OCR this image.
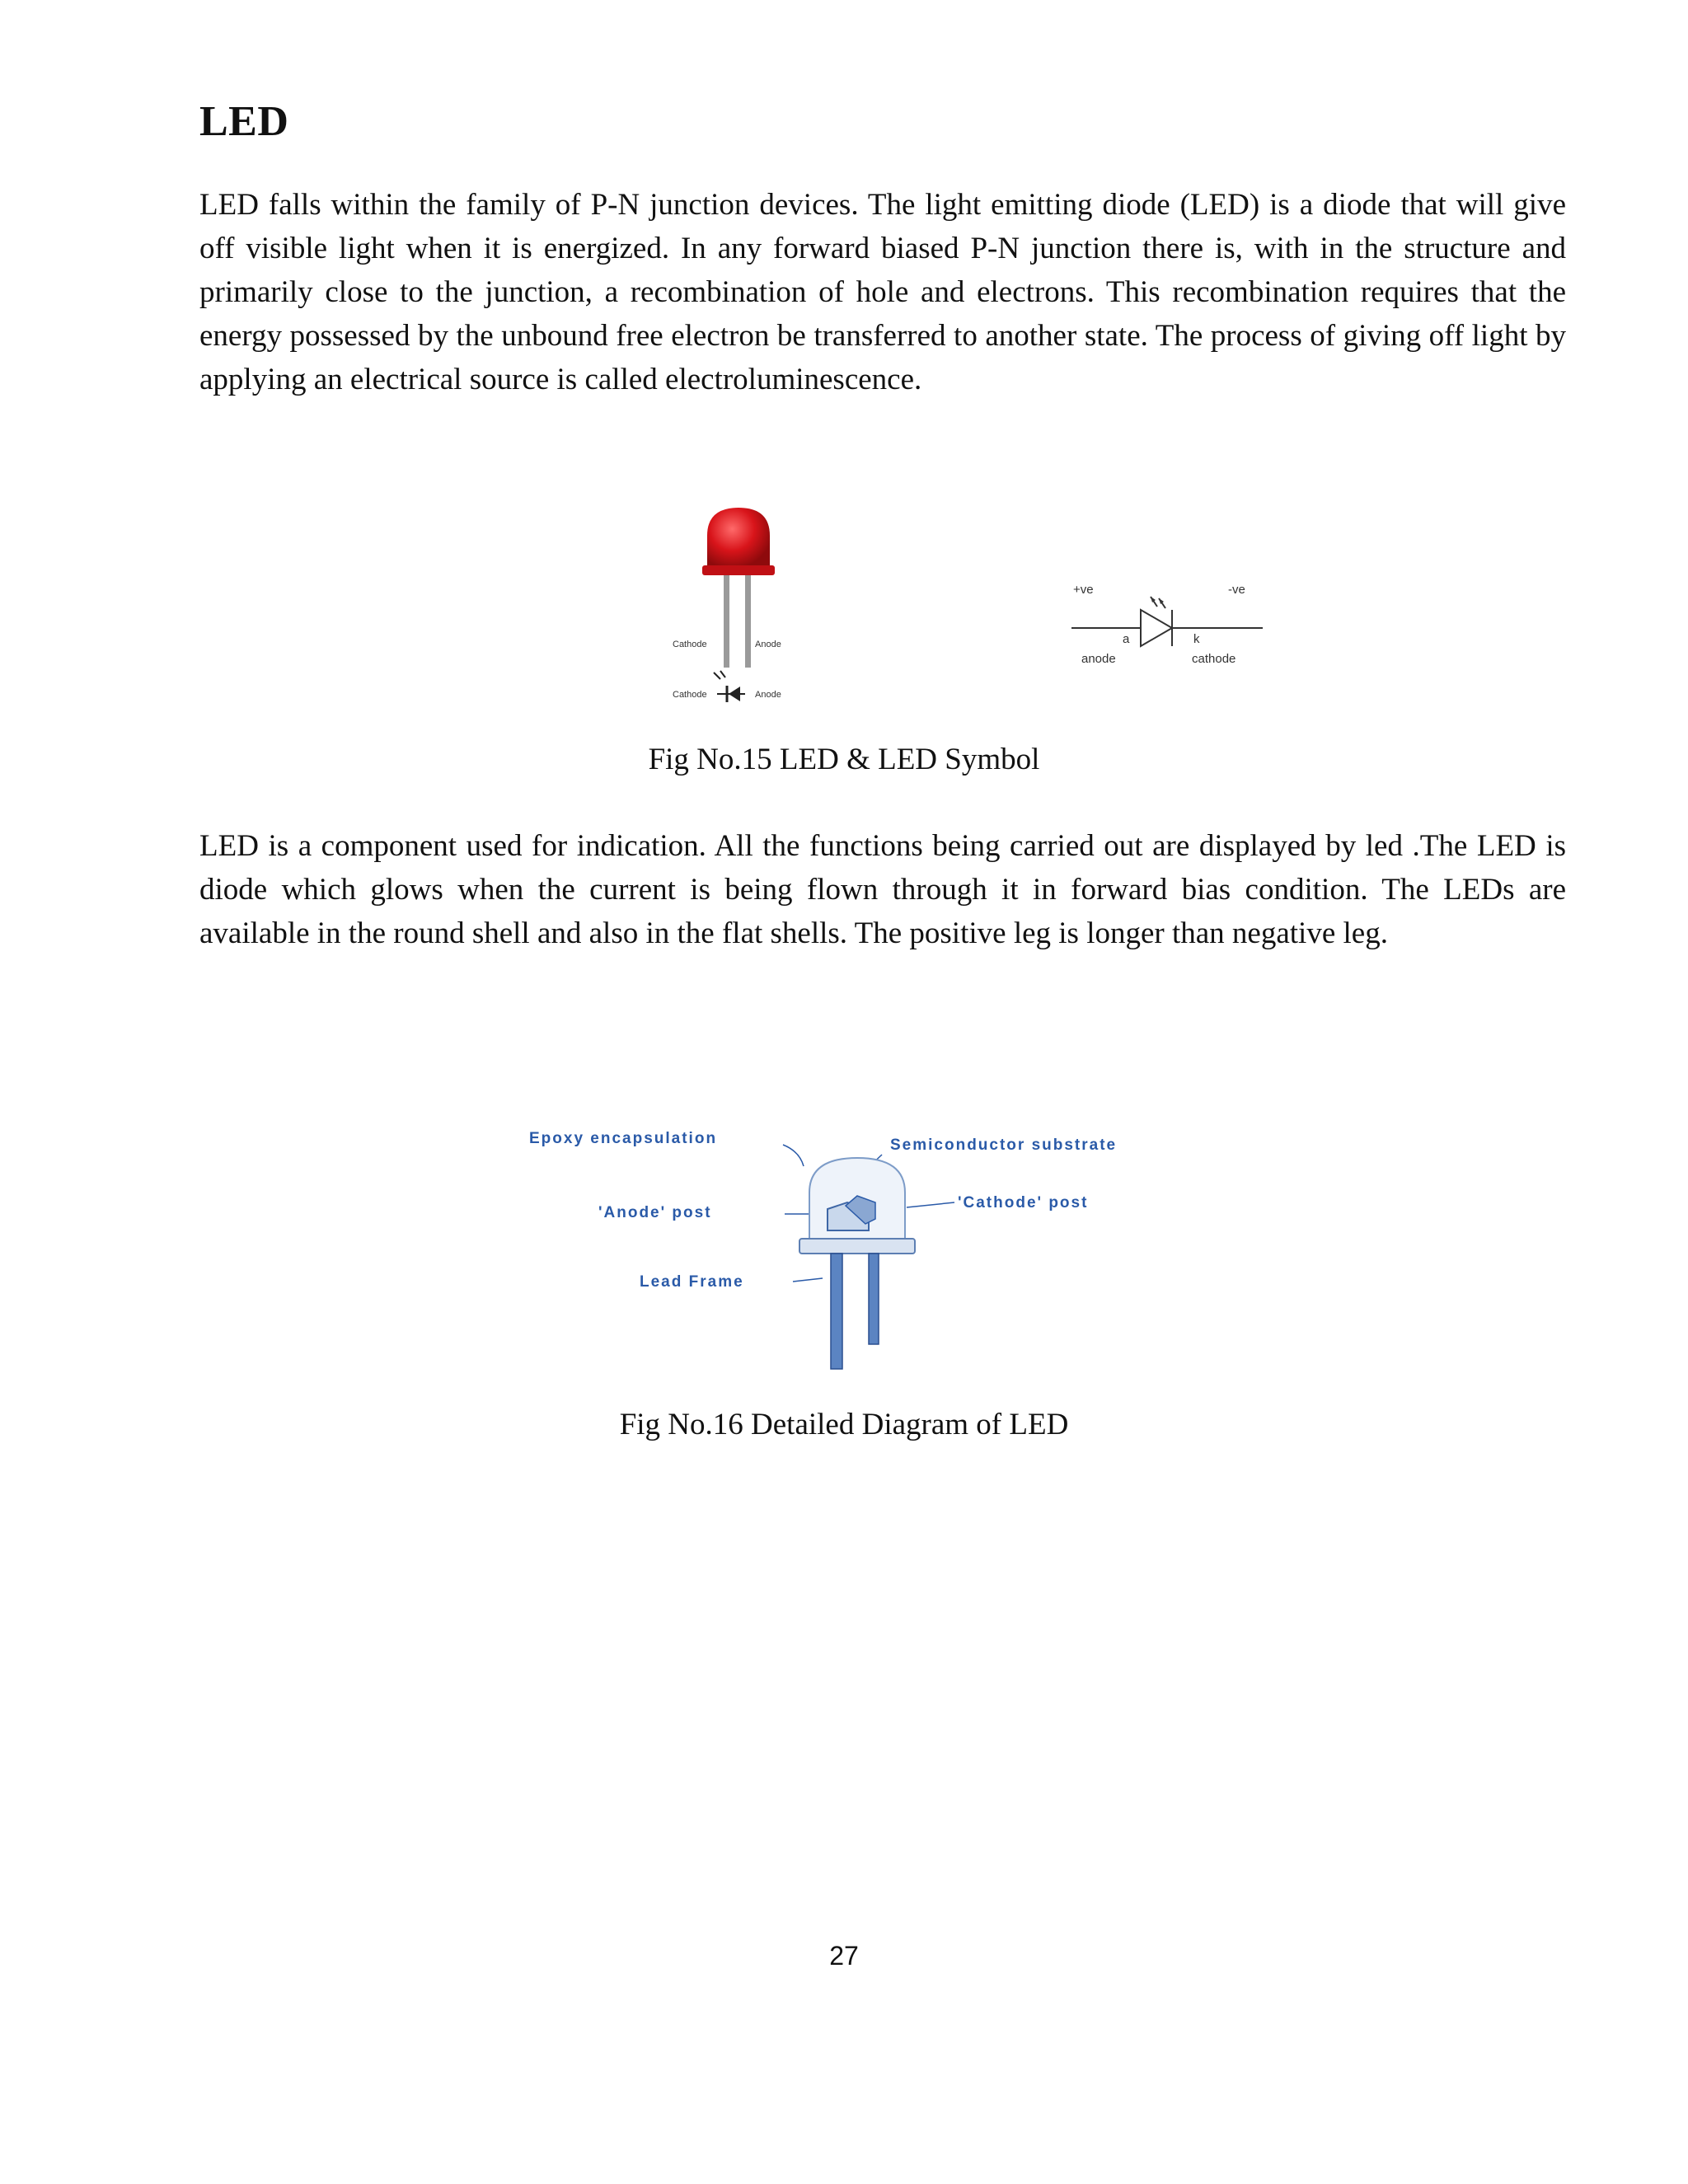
LED

LED falls within the family of P-N junction devices. The light emitting diode (LED) is a diode that will give off visible light when it is energized. In any forward biased P-N junction there is, with in the structure and primarily close to the junction, a recombination of hole and electrons. This recombination requires that the energy possessed by the unbound free electron be transferred to another state. The process of giving off light by applying an electrical source is called electroluminescence.

Cathode	Anode
Cathode	Anode
+ve	-ve
a	k
anode	cathode

Fig No.15 LED & LED Symbol

LED is a component used for indication. All the functions being carried out are displayed by led .The LED is diode which glows when the current is being flown through it in forward bias condition. The LEDs are available in the round shell and also in the flat shells. The positive leg is longer than negative leg.

Epoxy encapsulation	Semiconductor substrate
'Anode' post
'Cathode' post
Lead Frame

Fig No.16 Detailed Diagram of LED

27
